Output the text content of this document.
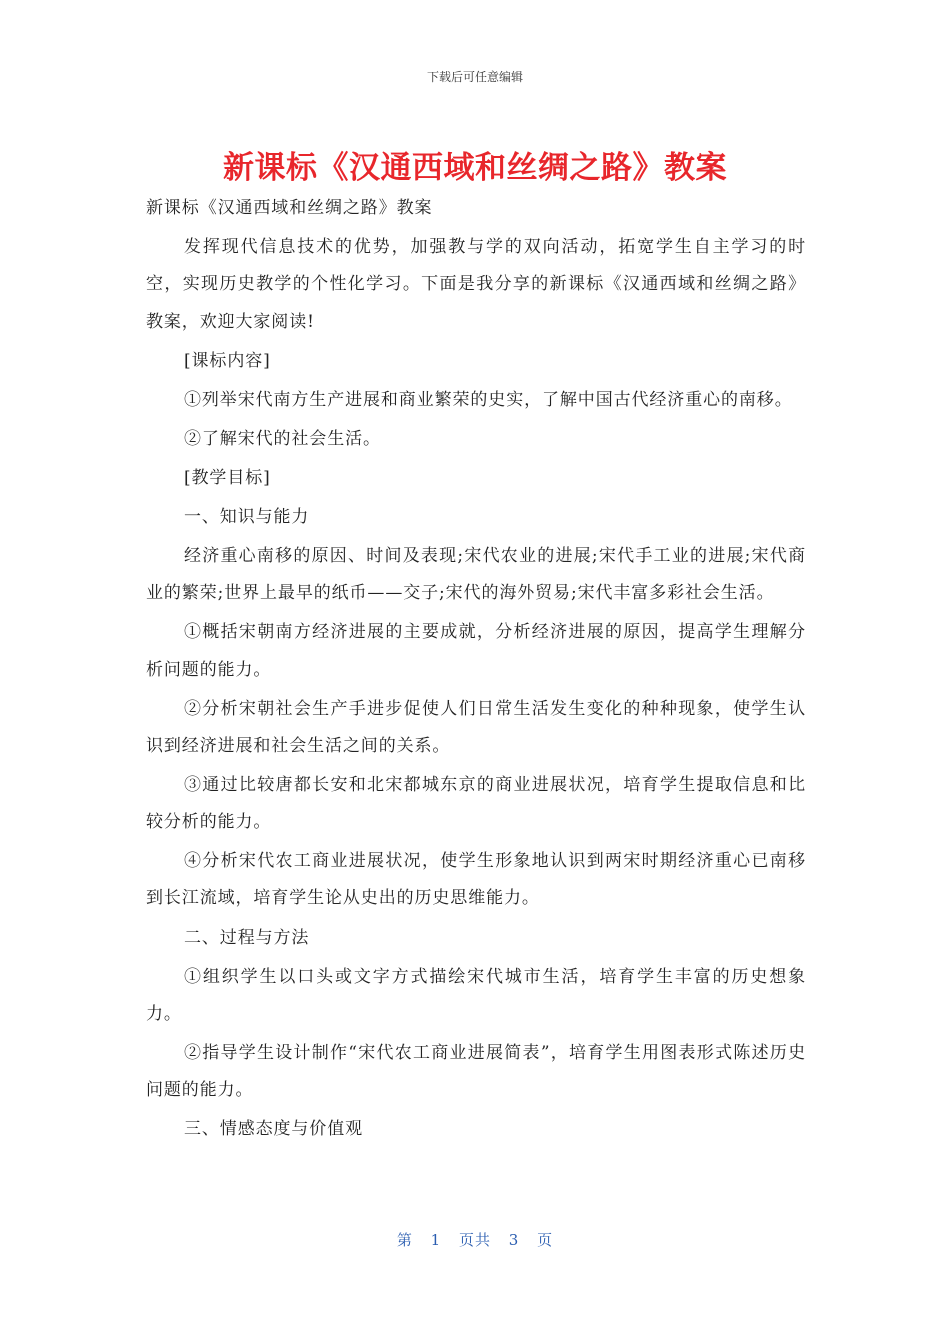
下载后可任意编辑
新课标《汉通西域和丝绸之路》教案

新课标《汉通西域和丝绸之路》教案

发挥现代信息技术的优势，加强教与学的双向活动，拓宽学生自主学习的时空，实现历史教学的个性化学习。下面是我分享的新课标《汉通西域和丝绸之路》教案，欢迎大家阅读!

[课标内容]

①列举宋代南方生产进展和商业繁荣的史实，了解中国古代经济重心的南移。

②了解宋代的社会生活。

[教学目标]

一、知识与能力

经济重心南移的原因、时间及表现;宋代农业的进展;宋代手工业的进展;宋代商业的繁荣;世界上最早的纸币——交子;宋代的海外贸易;宋代丰富多彩社会生活。

①概括宋朝南方经济进展的主要成就，分析经济进展的原因，提高学生理解分析问题的能力。

②分析宋朝社会生产手进步促使人们日常生活发生变化的种种现象，使学生认识到经济进展和社会生活之间的关系。

③通过比较唐都长安和北宋都城东京的商业进展状况，培育学生提取信息和比较分析的能力。

④分析宋代农工商业进展状况，使学生形象地认识到两宋时期经济重心已南移到长江流域，培育学生论从史出的历史思维能力。

二、过程与方法

①组织学生以口头或文字方式描绘宋代城市生活，培育学生丰富的历史想象力。

②指导学生设计制作“宋代农工商业进展简表”，培育学生用图表形式陈述历史问题的能力。

三、情感态度与价值观

第 1 页共 3 页
